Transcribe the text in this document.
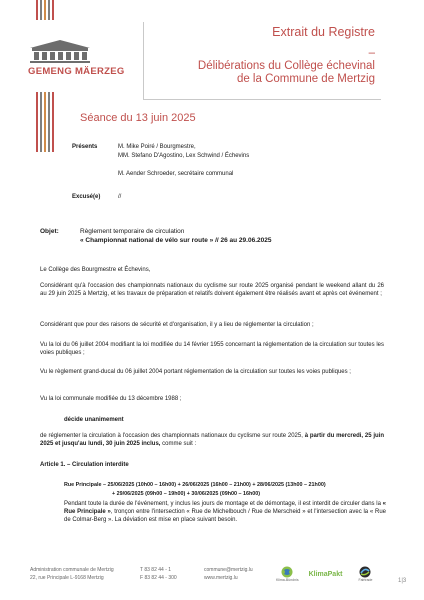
GEMENG MÄERZEG
Extrait du Registre
–
Délibérations du Collège échevinal
de la Commune de Mertzig
Séance du 13 juin 2025
Présents	M. Mike Poiré / Bourgmestre,
MM. Stefano D'Agostino, Lex Schwind / Échevins
M. Aender Schroeder, secrétaire communal
Excusé(e)	//
Objet:	Règlement temporaire de circulation
« Championnat national de vélo sur route » // 26 au 29.06.2025
Le Collège des Bourgmestre et Échevins,
Considérant qu'à l'occasion des championnats nationaux du cyclisme sur route 2025 organisé pendant le weekend allant du 26 au 29 juin 2025 à Mertzig, et les travaux de préparation et relatifs doivent également être réalisés avant et après cet événement ;
Considérant que pour des raisons de sécurité et d'organisation, il y a lieu de réglementer la circulation ;
Vu la loi du 06 juillet 2004 modifiant la loi modifiée du 14 février 1955 concernant la réglementation de la circulation sur toutes les voies publiques ;
Vu le règlement grand-ducal du 06 juillet 2004 portant réglementation de la circulation sur toutes les voies publiques ;
Vu la loi communale modifiée du 13 décembre 1988 ;
décide unanimement
de réglementer la circulation à l'occasion des championnats nationaux du cyclisme sur route 2025, à partir du mercredi, 25 juin 2025 et jusqu'au lundi, 30 juin 2025 inclus, comme suit :
Article 1. – Circulation interdite
Rue Principale – 25/06/2025 (10h00 – 16h00) + 26/06/2025 (16h00 – 21h00) + 28/06/2025 (13h00 – 21h00)
+ 29/06/2025 (09h00 – 19h00) + 30/06/2025 (09h00 – 16h00)
Pendant toute la durée de l'événement, y inclus les jours de montage et de démontage, il est interdit de circuler dans la « Rue Principale », tronçon entre l'intersection « Rue de Michelbouch / Rue de Merscheid » et l'intersection avec la « Rue de Colmar-Berg ». La déviation est mise en place suivant besoin.
Administration communale de Mertzig
22, rue Principale L-9168 Mertzig
T 83 82 44 - 1
F 83 82 44 - 300
commune@mertzig.lu
www.mertzig.lu	Klima-Bündnis
KlimaPakt
Fairtrade	1|3
